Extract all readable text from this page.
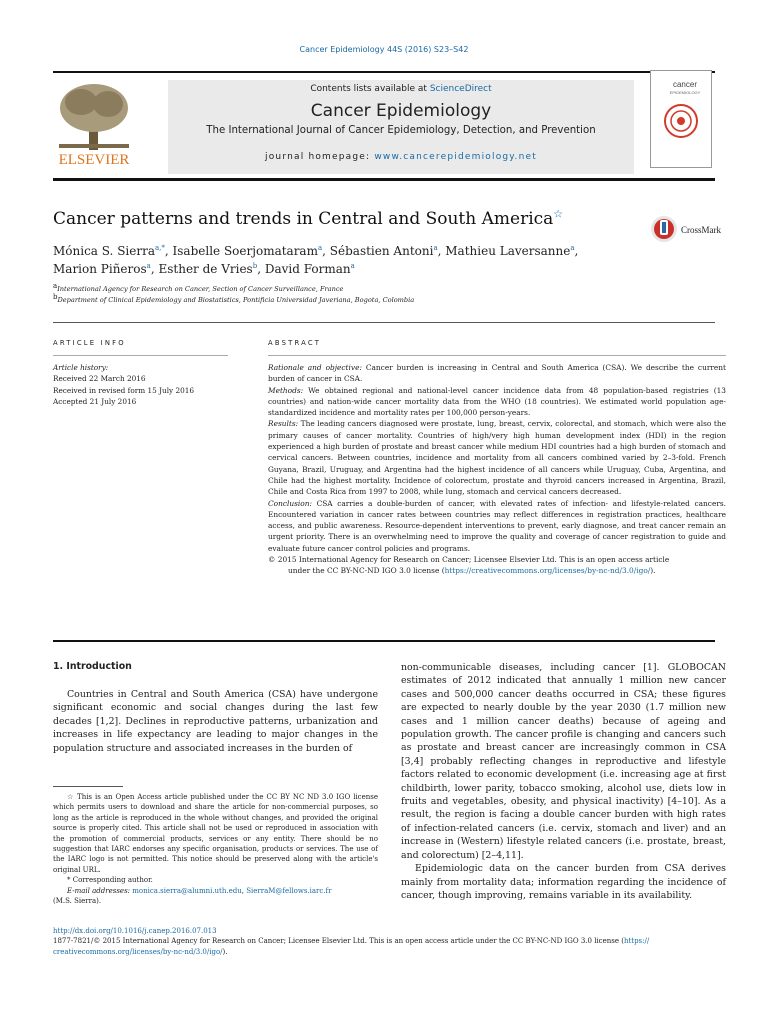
Cancer Epidemiology 44S (2016) S23–S42
ELSEVIER
Contents lists available at ScienceDirect
Cancer Epidemiology
The International Journal of Cancer Epidemiology, Detection, and Prevention
journal homepage: www.cancerepidemiology.net
cancer
EPIDEMIOLOGY
Cancer patterns and trends in Central and South America☆
CrossMark
Mónica S. Sierra$^{a,*}$, Isabelle Soerjomataram$^a$, Sébastien Antoni$^a$, Mathieu Laversanne$^a$,
Marion Piñeros$^a$, Esther de Vries$^b$, David Forman$^a$
$^a$International Agency for Research on Cancer, Section of Cancer Surveillance, France
$^b$Department of Clinical Epidemiology and Biostatistics, Pontificia Universidad Javeriana, Bogota, Colombia
ARTICLE INFO
Article history:
Received 22 March 2016
Received in revised form 15 July 2016
Accepted 21 July 2016
ABSTRACT

Rationale and objective: Cancer burden is increasing in Central and South America (CSA). We describe the current burden of cancer in CSA.

Methods: We obtained regional and national-level cancer incidence data from 48 population-based registries (13 countries) and nation-wide cancer mortality data from the WHO (18 countries). We estimated world population age-standardized incidence and mortality rates per 100,000 person-years.

Results: The leading cancers diagnosed were prostate, lung, breast, cervix, colorectal, and stomach, which were also the primary causes of cancer mortality. Countries of high/very high human development index (HDI) in the region experienced a high burden of prostate and breast cancer while medium HDI countries had a high burden of stomach and cervical cancers. Between countries, incidence and mortality from all cancers combined varied by 2–3-fold. French Guyana, Brazil, Uruguay, and Argentina had the highest incidence of all cancers while Uruguay, Cuba, Argentina, and Chile had the highest mortality. Incidence of colorectum, prostate and thyroid cancers increased in Argentina, Brazil, Chile and Costa Rica from 1997 to 2008, while lung, stomach and cervical cancers decreased.

Conclusion: CSA carries a double-burden of cancer, with elevated rates of infection- and lifestyle-related cancers. Encountered variation in cancer rates between countries may reflect differences in registration practices, healthcare access, and public awareness. Resource-dependent interventions to prevent, early diagnose, and treat cancer remain an urgent priority. There is an overwhelming need to improve the quality and coverage of cancer registration to guide and evaluate future cancer control policies and programs.

© 2015 International Agency for Research on Cancer; Licensee Elsevier Ltd. This is an open access article
under the CC BY-NC-ND IGO 3.0 license (https://creativecommons.org/licenses/by-nc-nd/3.0/igo/).

1. Introduction

Countries in Central and South America (CSA) have undergone significant economic and social changes during the last few decades [1,2]. Declines in reproductive patterns, urbanization and increases in life expectancy are leading to major changes in the population structure and associated increases in the burden of

☆ This is an Open Access article published under the CC BY NC ND 3.0 IGO license which permits users to download and share the article for non-commercial purposes, so long as the article is reproduced in the whole without changes, and provided the original source is properly cited. This article shall not be used or reproduced in association with the promotion of commercial products, services or any entity. There should be no suggestion that IARC endorses any specific organisation, products or services. The use of the IARC logo is not permitted. This notice should be preserved along with the article's original URL.

* Corresponding author.

E-mail addresses: monica.sierra@alumni.uth.edu, SierraM@fellows.iarc.fr

(M.S. Sierra).

non-communicable diseases, including cancer [1]. GLOBOCAN estimates of 2012 indicated that annually 1 million new cancer cases and 500,000 cancer deaths occurred in CSA; these figures are expected to nearly double by the year 2030 (1.7 million new cases and 1 million cancer deaths) because of ageing and population growth. The cancer profile is changing and cancers such as prostate and breast cancer are increasingly common in CSA [3,4] probably reflecting changes in reproductive and lifestyle factors related to economic development (i.e. increasing age at first childbirth, lower parity, tobacco smoking, alcohol use, diets low in fruits and vegetables, obesity, and physical inactivity) [4–10]. As a result, the region is facing a double cancer burden with high rates of infection-related cancers (i.e. cervix, stomach and liver) and an increase in (Western) lifestyle related cancers (i.e. prostate, breast, and colorectum) [2–4,11].

Epidemiologic data on the cancer burden from CSA derives mainly from mortality data; information regarding the incidence of cancer, though improving, remains variable in its availability.

http://dx.doi.org/10.1016/j.canep.2016.07.013

1877-7821/© 2015 International Agency for Research on Cancer; Licensee Elsevier Ltd. This is an open access article under the CC BY-NC-ND IGO 3.0 license (https://
creativecommons.org/licenses/by-nc-nd/3.0/igo/).
